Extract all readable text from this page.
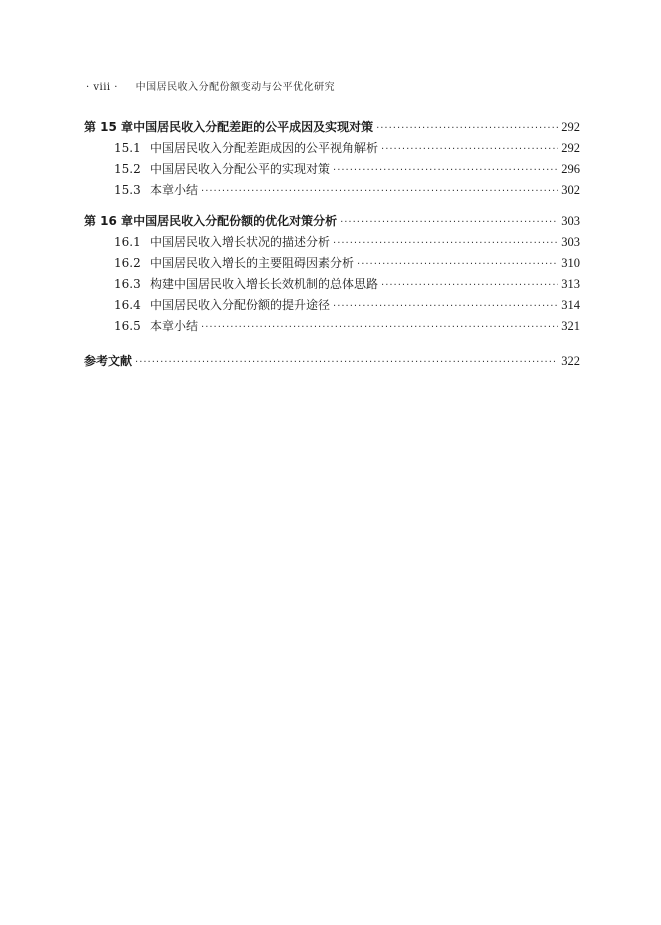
· viii · 中国居民收入分配份额变动与公平优化研究
第 15 章 中国居民收入分配差距的公平成因及实现对策 ·····	292
15.1 中国居民收入分配差距成因的公平视角解析 ·····	292
15.2 中国居民收入分配公平的实现对策 ·····	296
15.3 本章小结 ·····	302
第 16 章 中国居民收入分配份额的优化对策分析 ·····	303
16.1 中国居民收入增长状况的描述分析 ·····	303
16.2 中国居民收入增长的主要阻碍因素分析 ·····	310
16.3 构建中国居民收入增长长效机制的总体思路 ·····	313
16.4 中国居民收入分配份额的提升途径 ·····	314
16.5 本章小结 ·····	321
参考文献 ·····	322
